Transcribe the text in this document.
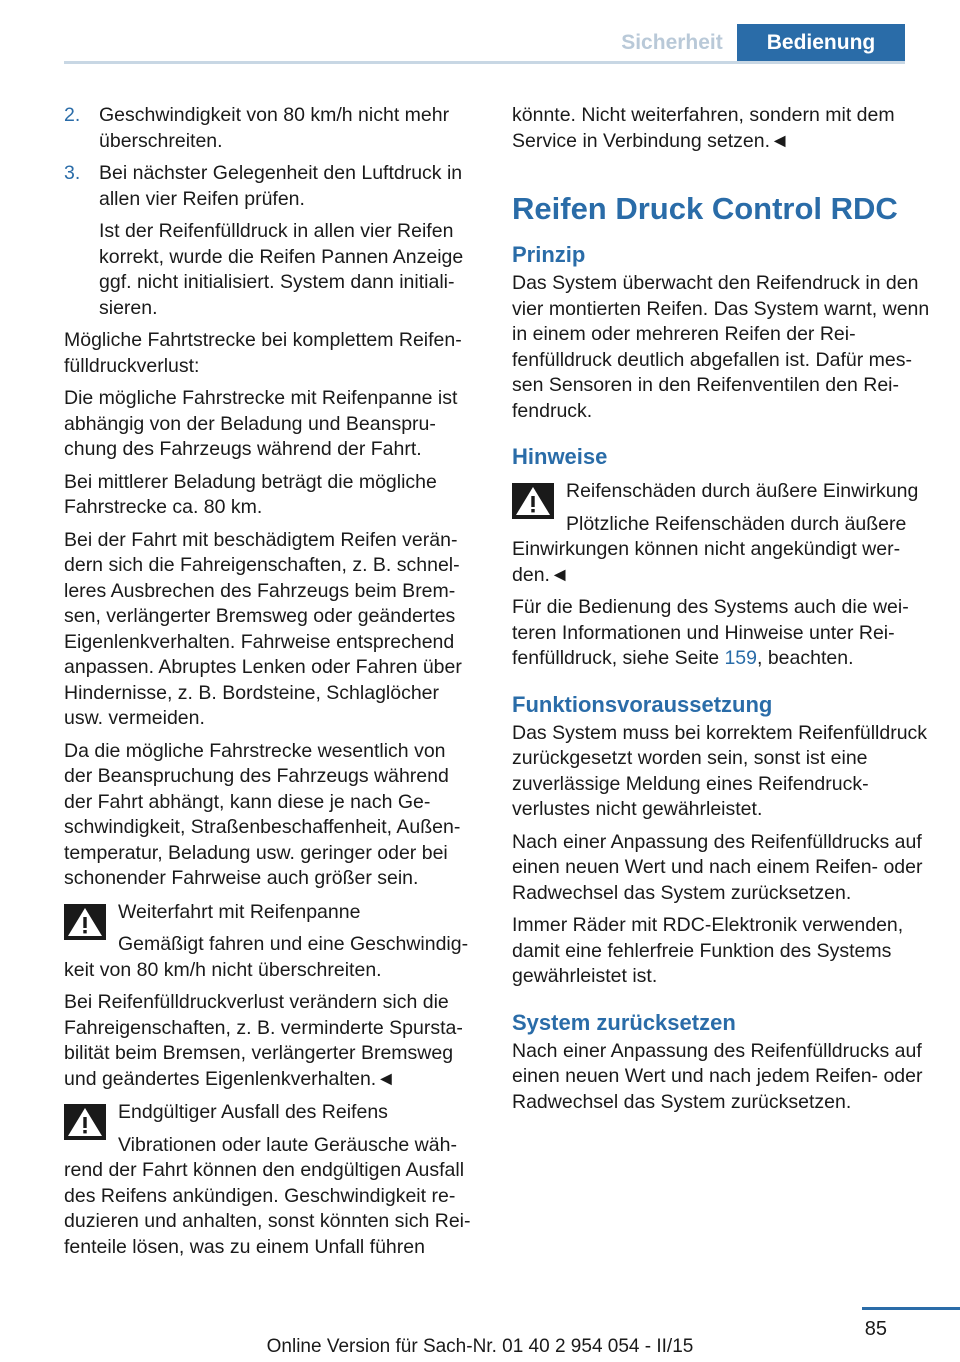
Sicherheit	Bedienung
2. Geschwindigkeit von 80 km/h nicht mehr überschreiten.
3. Bei nächster Gelegenheit den Luftdruck in allen vier Reifen prüfen.

Ist der Reifenfülldruck in allen vier Reifen korrekt, wurde die Reifen Pannen Anzeige ggf. nicht initialisiert. System dann initialisieren.

Mögliche Fahrtstrecke bei komplettem Reifenfülldruckverlust:

Die mögliche Fahrstrecke mit Reifenpanne ist abhängig von der Beladung und Beanspruchung des Fahrzeugs während der Fahrt.

Bei mittlerer Beladung beträgt die mögliche Fahrstrecke ca. 80 km.

Bei der Fahrt mit beschädigtem Reifen verändern sich die Fahreigenschaften, z. B. schnelleres Ausbrechen des Fahrzeugs beim Bremsen, verlängerter Bremsweg oder geändertes Eigenlenkverhalten. Fahrweise entsprechend anpassen. Abruptes Lenken oder Fahren über Hindernisse, z. B. Bordsteine, Schlaglöcher usw. vermeiden.

Da die mögliche Fahrstrecke wesentlich von der Beanspruchung des Fahrzeugs während der Fahrt abhängt, kann diese je nach Geschwindigkeit, Straßenbeschaffenheit, Außentemperatur, Beladung usw. geringer oder bei schonender Fahrweise auch größer sein.

Weiterfahrt mit Reifenpanne
Gemäßigt fahren und eine Geschwindigkeit von 80 km/h nicht überschreiten.

Bei Reifenfülldruckverlust verändern sich die Fahreigenschaften, z. B. verminderte Spurstabilität beim Bremsen, verlängerter Bremsweg und geändertes Eigenlenkverhalten.◄

Endgültiger Ausfall des Reifens
Vibrationen oder laute Geräusche während der Fahrt können den endgültigen Ausfall des Reifens ankündigen. Geschwindigkeit reduzieren und anhalten, sonst könnten sich Reifenteile lösen, was zu einem Unfall führen

könnte. Nicht weiterfahren, sondern mit dem Service in Verbindung setzen.◄

Reifen Druck Control RDC
Prinzip

Das System überwacht den Reifendruck in den vier montierten Reifen. Das System warnt, wenn in einem oder mehreren Reifen der Reifenfülldruck deutlich abgefallen ist. Dafür messen Sensoren in den Reifenventilen den Reifendruck.

Hinweise
Reifenschäden durch äußere Einwirkung
Plötzliche Reifenschäden durch äußere Einwirkungen können nicht angekündigt werden.◄

Für die Bedienung des Systems auch die weiteren Informationen und Hinweise unter Reifenfülldruck, siehe Seite 159, beachten.

Funktionsvoraussetzung

Das System muss bei korrektem Reifenfülldruck zurückgesetzt worden sein, sonst ist eine zuverlässige Meldung eines Reifendruckverlustes nicht gewährleistet.

Nach einer Anpassung des Reifenfülldrucks auf einen neuen Wert und nach einem Reifen- oder Radwechsel das System zurücksetzen.

Immer Räder mit RDC-Elektronik verwenden, damit eine fehlerfreie Funktion des Systems gewährleistet ist.

System zurücksetzen

Nach einer Anpassung des Reifenfülldrucks auf einen neuen Wert und nach jedem Reifen- oder Radwechsel das System zurücksetzen.

85
Online Version für Sach-Nr. 01 40 2 954 054 - II/15
